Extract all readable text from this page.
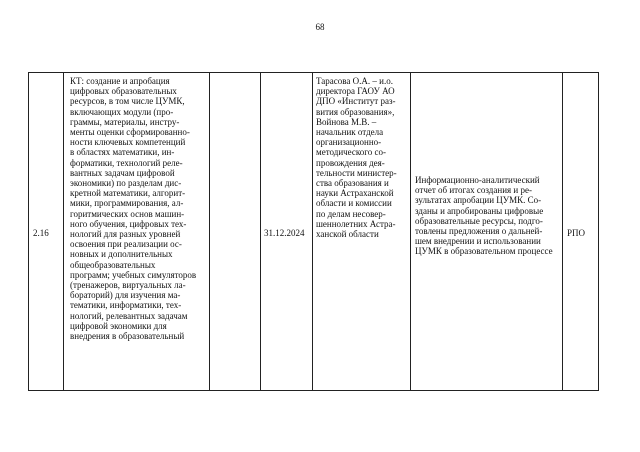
68
2.16
КТ: создание и апробация
цифровых образовательных
ресурсов, в том числе ЦУМК,
включающих модули (про-
граммы, материалы, инстру-
менты оценки сформированно-
ности ключевых компетенций
в областях математики, ин-
форматики, технологий реле-
вантных задачам цифровой
экономики) по разделам дис-
кретной математики, алгорит-
мики, программирования, ал-
горитмических основ машин-
ного обучения, цифровых тех-
нологий для разных уровней
освоения при реализации ос-
новных и дополнительных
общеобразовательных
программ; учебных симуляторов
(тренажеров, виртуальных ла-
бораторий) для изучения ма-
тематики, информатики, тех-
нологий, релевантных задачам
цифровой экономики для
внедрения в образовательный
31.12.2024
Тарасова О.А. – и.о.
директора ГАОУ АО
ДПО «Институт раз-
вития образования»,
Войнова М.В. –
начальник отдела
организационно-
методического со-
провождения дея-
тельности министер-
ства образования и
науки Астраханской
области и комиссии
по делам несовер-
шеннолетних Астра-
ханской области
Информационно-аналитический
отчет об итогах создания и ре-
зультатах апробации ЦУМК. Со-
зданы и апробированы цифровые
образовательные ресурсы, подго-
товлены предложения о дальней-
шем внедрении и использовании
ЦУМК в образовательном процессе
РПО
